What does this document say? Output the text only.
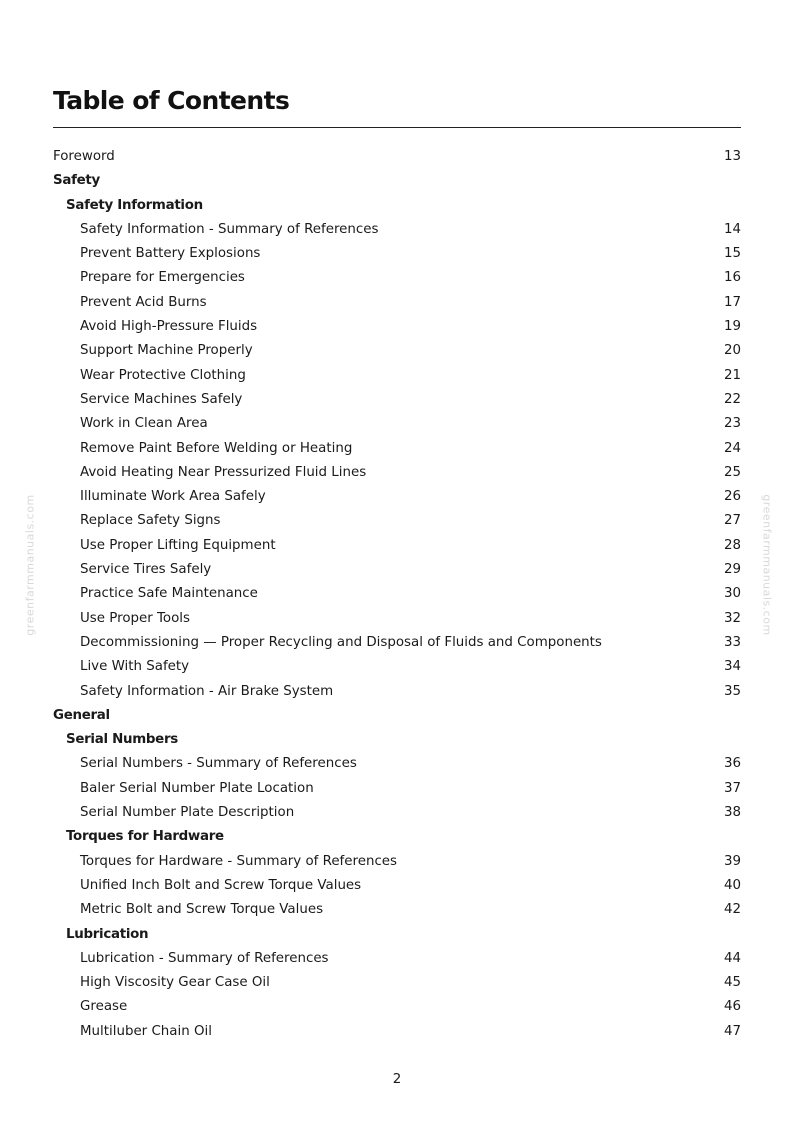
Table of Contents
Foreword	13
Safety
Safety Information
Safety Information - Summary of References	14
Prevent Battery Explosions	15
Prepare for Emergencies	16
Prevent Acid Burns	17
Avoid High-Pressure Fluids	19
Support Machine Properly	20
Wear Protective Clothing	21
Service Machines Safely	22
Work in Clean Area	23
Remove Paint Before Welding or Heating	24
Avoid Heating Near Pressurized Fluid Lines	25
Illuminate Work Area Safely	26
Replace Safety Signs	27
Use Proper Lifting Equipment	28
Service Tires Safely	29
Practice Safe Maintenance	30
Use Proper Tools	32
Decommissioning — Proper Recycling and Disposal of Fluids and Components	33
Live With Safety	34
Safety Information - Air Brake System	35
General
Serial Numbers
Serial Numbers - Summary of References	36
Baler Serial Number Plate Location	37
Serial Number Plate Description	38
Torques for Hardware
Torques for Hardware - Summary of References	39
Unified Inch Bolt and Screw Torque Values	40
Metric Bolt and Screw Torque Values	42
Lubrication
Lubrication - Summary of References	44
High Viscosity Gear Case Oil	45
Grease	46
Multiluber Chain Oil	47
greenfarmmanuals.com	greenfarmmanuals.com
2
